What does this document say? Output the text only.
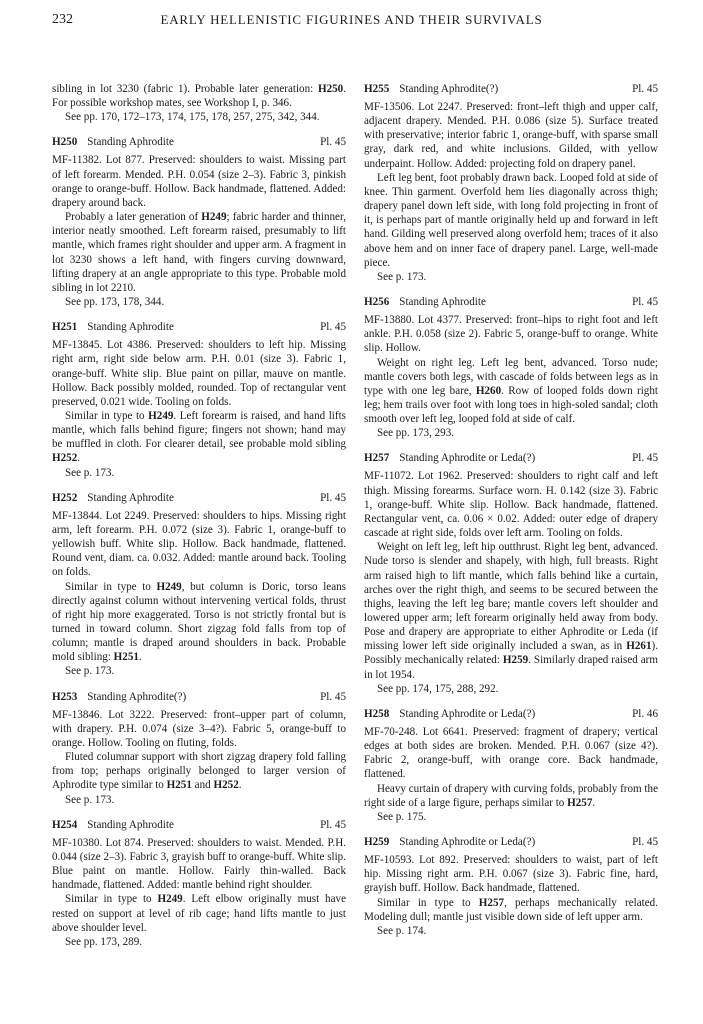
232	EARLY HELLENISTIC FIGURINES AND THEIR SURVIVALS

sibling in lot 3230 (fabric 1). Probable later generation: H250. For possible workshop mates, see Workshop I, p. 346.

See pp. 170, 172–173, 174, 175, 178, 257, 275, 342, 344.

H250 Standing Aphrodite	Pl. 45

MF-11382. Lot 877. Preserved: shoulders to waist. Missing part of left forearm. Mended. P.H. 0.054 (size 2–3). Fabric 3, pinkish orange to orange-buff. Hollow. Back handmade, flattened. Added: drapery around back.

Probably a later generation of H249; fabric harder and thinner, interior neatly smoothed. Left forearm raised, presumably to lift mantle, which frames right shoulder and upper arm. A fragment in lot 3230 shows a left hand, with fingers curving downward, lifting drapery at an angle appropriate to this type. Probable mold sibling in lot 2210.

See pp. 173, 178, 344.

H251 Standing Aphrodite	Pl. 45

MF-13845. Lot 4386. Preserved: shoulders to left hip. Missing right arm, right side below arm. P.H. 0.01 (size 3). Fabric 1, orange-buff. White slip. Blue paint on pillar, mauve on mantle. Hollow. Back possibly molded, rounded. Top of rectangular vent preserved, 0.021 wide. Tooling on folds.

Similar in type to H249. Left forearm is raised, and hand lifts mantle, which falls behind figure; fingers not shown; hand may be muffled in cloth. For clearer detail, see probable mold sibling H252.

See p. 173.

H252 Standing Aphrodite	Pl. 45

MF-13844. Lot 2249. Preserved: shoulders to hips. Missing right arm, left forearm. P.H. 0.072 (size 3). Fabric 1, orange-buff to yellowish buff. White slip. Hollow. Back handmade, flattened. Round vent, diam. ca. 0.032. Added: mantle around back. Tooling on folds.

Similar in type to H249, but column is Doric, torso leans directly against column without intervening vertical folds, thrust of right hip more exaggerated. Torso is not strictly frontal but is turned in toward column. Short zigzag fold falls from top of column; mantle is draped around shoulders in back. Probable mold sibling: H251.

See p. 173.

H253 Standing Aphrodite(?)	Pl. 45

MF-13846. Lot 3222. Preserved: front–upper part of column, with drapery. P.H. 0.074 (size 3–4?). Fabric 5, orange-buff to orange. Hollow. Tooling on fluting, folds.

Fluted columnar support with short zigzag drapery fold falling from top; perhaps originally belonged to larger version of Aphrodite type similar to H251 and H252.

See p. 173.

H254 Standing Aphrodite	Pl. 45

MF-10380. Lot 874. Preserved: shoulders to waist. Mended. P.H. 0.044 (size 2–3). Fabric 3, grayish buff to orange-buff. White slip. Blue paint on mantle. Hollow. Fairly thin-walled. Back handmade, flattened. Added: mantle behind right shoulder.

Similar in type to H249. Left elbow originally must have rested on support at level of rib cage; hand lifts mantle to just above shoulder level.

See pp. 173, 289.

H255 Standing Aphrodite(?)	Pl. 45

MF-13506. Lot 2247. Preserved: front–left thigh and upper calf, adjacent drapery. Mended. P.H. 0.086 (size 5). Surface treated with preservative; interior fabric 1, orange-buff, with sparse small gray, dark red, and white inclusions. Gilded, with yellow underpaint. Hollow. Added: projecting fold on drapery panel.

Left leg bent, foot probably drawn back. Looped fold at side of knee. Thin garment. Overfold hem lies diagonally across thigh; drapery panel down left side, with long fold projecting in front of it, is perhaps part of mantle originally held up and forward in left hand. Gilding well preserved along overfold hem; traces of it also above hem and on inner face of drapery panel. Large, well-made piece.

See p. 173.

H256 Standing Aphrodite	Pl. 45

MF-13880. Lot 4377. Preserved: front–hips to right foot and left ankle. P.H. 0.058 (size 2). Fabric 5, orange-buff to orange. White slip. Hollow.

Weight on right leg. Left leg bent, advanced. Torso nude; mantle covers both legs, with cascade of folds between legs as in type with one leg bare, H260. Row of looped folds down right leg; hem trails over foot with long toes in high-soled sandal; cloth smooth over left leg, looped fold at side of calf.

See pp. 173, 293.

H257 Standing Aphrodite or Leda(?)	Pl. 45

MF-11072. Lot 1962. Preserved: shoulders to right calf and left thigh. Missing forearms. Surface worn. H. 0.142 (size 3). Fabric 1, orange-buff. White slip. Hollow. Back handmade, flattened. Rectangular vent, ca. 0.06 × 0.02. Added: outer edge of drapery cascade at right side, folds over left arm. Tooling on folds.

Weight on left leg, left hip outthrust. Right leg bent, advanced. Nude torso is slender and shapely, with high, full breasts. Right arm raised high to lift mantle, which falls behind like a curtain, arches over the right thigh, and seems to be secured between the thighs, leaving the left leg bare; mantle covers left shoulder and lowered upper arm; left forearm originally held away from body. Pose and drapery are appropriate to either Aphrodite or Leda (if missing lower left side originally included a swan, as in H261). Possibly mechanically related: H259. Similarly draped raised arm in lot 1954.

See pp. 174, 175, 288, 292.

H258 Standing Aphrodite or Leda(?)	Pl. 46

MF-70-248. Lot 6641. Preserved: fragment of drapery; vertical edges at both sides are broken. Mended. P.H. 0.067 (size 4?). Fabric 2, orange-buff, with orange core. Back handmade, flattened.

Heavy curtain of drapery with curving folds, probably from the right side of a large figure, perhaps similar to H257.

See p. 175.

H259 Standing Aphrodite or Leda(?)	Pl. 45

MF-10593. Lot 892. Preserved: shoulders to waist, part of left hip. Missing right arm. P.H. 0.067 (size 3). Fabric fine, hard, grayish buff. Hollow. Back handmade, flattened.

Similar in type to H257, perhaps mechanically related. Modeling dull; mantle just visible down side of left upper arm.

See p. 174.
